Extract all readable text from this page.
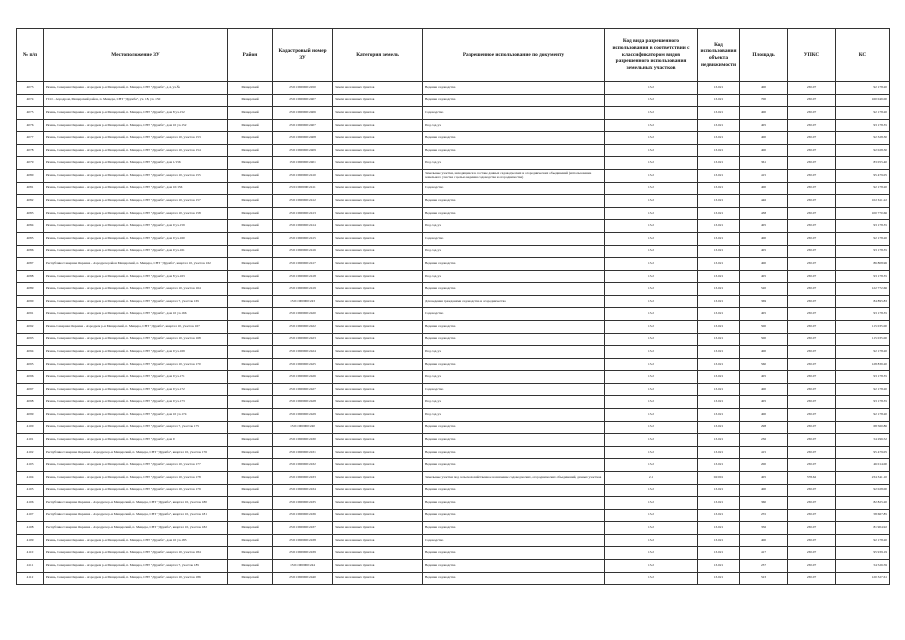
№ п/п	Местоположение ЗУ	Район	Кадастровый номер ЗУ	Категория земель	Разрешенное использование по документу	Код вида разрешенного использования в соответствии с классификатором видов разрешенного использования земельных участков	Код использования объекта недвижимости	Площадь	УПКС	КС
4073	Рязань, Северная Окраина - Аэродром р-н Мещерский, п. Мещера, СНТ "Дружба", д.4, уч.№	Мещерский	25:01:000000:2450	Земли населенных пунктов	Ведение садоводства	13.2	13.021	400	230.07	92 178.20
4074	ГСО - Аэродром, Мещерский район, п. Мещера, СНТ "Дружба", уч. 18, уч. 150	Мещерский	25:01:000000:2407	Земли населенных пунктов	Ведение садоводства	13.2	13.021	700	230.07	160 049.00
4075	Рязань, Северная Окраина - Аэродром р-н Мещерский, п. Мещера, СНТ "Дружба", дом 8 уч.152	Мещерский	25:01:000000:2406	Земли населенных пунктов	Садоводство	13.2	13.021	400	230.07	92 178.20
4076	Рязань, Северная Окраина - Аэродром р-н Мещерский, п. Мещера, СНТ "Дружба", дом 10 уч.152	Мещерский	25:01:000000:2407	Земли населенных пунктов	Под сад-уч	13.2	13.021	405	230.07	93 178.35
4077	Рязань, Северная Окраина - Аэродром р-н Мещерский, п. Мещера, СНТ "Дружба", квартал 10, участок 153	Мещерский	25:01:000000:2408	Земли населенных пунктов	Ведение садоводства	13.2	13.021	400	230.07	92 328.30
4078	Рязань, Северная Окраина - Аэродром р-н Мещерский, п. Мещера, СНТ "Дружба", квартал 10, участок 154	Мещерский	25:01:000000:2409	Земли населенных пунктов	Ведение садоводства	13.2	13.021	400	230.07	92 028.30
4079	Рязань, Северная Окраина - Аэродром р-н Мещерский, п. Мещера, СНТ "Дружба", дом 1/156	Мещерский	15:01:000000:2401	Земли населенных пунктов	Под сад-уч	13.2	13.021	361	230.07	83 055.40
4080	Рязань, Северная Окраина - Аэродром р-н Мещерский, п. Мещера, СНТ "Дружба", квартал 10, участок 155	Мещерский	25:01:000000:2410	Земли населенных пунктов	Земельные участки, находящиеся в составе данных садоводческих и огороднических объединений (использование земельного участка с целью ведения садоводства и огородничества)	13.2	13.021	415	230.07	95 479.05
4081	Рязань, Северная Окраина - Аэродром р-н Мещерский, п. Мещера, СНТ "Дружба", дом 10/156	Мещерский	25:01:000000:2411	Земли населенных пунктов	Садоводство	13.2	13.021	400	230.07	92 178.20
4082	Рязань, Северная Окраина - Аэродром р-н Мещерский, п. Мещера, СНТ "Дружба", квартал 10, участок 157	Мещерский	25:01:000000:2412	Земли населенных пунктов	Ведение садоводства	13.2	13.021	446	230.07	102 611.22
4083	Рязань, Северная Окраина - Аэродром р-н Мещерский, п. Мещера, СНТ "Дружба", квартал 10, участок 158	Мещерский	25:01:000000:2413	Земли населенных пунктов	Ведение садоводства	13.2	13.021	438	230.07	100 770.66
4084	Рязань, Северная Окраина - Аэродром р-н Мещерский, п. Мещера, СНТ "Дружба", дом 9 уч.159	Мещерский	25:01:000000:2414	Земли населенных пунктов	Под сад-уч	13.2	13.021	405	230.07	93 178.35
4085	Рязань, Северная Окраина - Аэродром р-н Мещерский, п. Мещера, СНТ "Дружба", дом 9 уч.160	Мещерский	25:01:000000:2415	Земли населенных пунктов	Садоводство	13.2	13.021	400	230.07	92 178.20
4086	Рязань, Северная Окраина - Аэродром р-н Мещерский, п. Мещера, СНТ "Дружба", дом 9 уч.161	Мещерский	25:01:000000:2416	Земли населенных пунктов	Под сад-уч	13.2	13.021	405	230.07	93 178.35
4087	Республика Северная Окраина - Аэродром район Мещерский, п. Мещера, СНТ "Дружба", квартал 10, участок 162	Мещерский	25:01:000000:2417	Земли населенных пунктов	Ведение садоводства	13.2	13.021	400	230.07	86 808.96
4088	Рязань, Северная Окраина - Аэродром р-н Мещерский, п. Мещера, СНТ "Дружба", дом 8 уч.163	Мещерский	25:01:000000:2418	Земли населенных пунктов	Под сад-уч	13.2	13.021	405	230.07	93 178.35
4089	Рязань, Северная Окраина - Аэродром р-н Мещерский, п. Мещера, СНТ "Дружба", квартал 10, участок 164	Мещерский	25:01:000000:2419	Земли населенных пунктов	Ведение садоводства	13.2	13.021	520	230.07	122 772.66
4090	Рязань, Северная Окраина - Аэродром р-н Мещерский, п. Мещера, СНТ "Дружба", квартал 7, участок 165	Мещерский	15:01:000000:243	Земли населенных пунктов	Для ведения гражданами садоводства и огородничества	13.2	13.021	369	230.07	84 895.83
4091	Рязань, Северная Окраина - Аэродром р-н Мещерский, п. Мещера, СНТ "Дружба", дом 10 уч.166	Мещерский	25:01:000000:2420	Земли населенных пунктов	Садоводство	13.2	13.021	405	230.07	93 178.35
4092	Рязань Северная Окраина - Аэродром р-н Мещерский, п. Мещера, СНТ "Дружба", квартал 10, участок 167	Мещерский	25:01:000000:2422	Земли населенных пунктов	Ведение садоводства	13.2	13.021	500	230.07	115 035.00
4093	Рязань, Северная Окраина - Аэродром р-н Мещерский, п. Мещера, СНТ "Дружба", квартал 10, участок 168	Мещерский	25:01:000000:2423	Земли населенных пунктов	Ведение садоводства	13.2	13.021	500	230.07	115 035.00
4094	Рязань, Северная Окраина - Аэродром р-н Мещерский, п. Мещера, СНТ "Дружба", дом 9 уч.169	Мещерский	25:01:000000:2424	Земли населенных пунктов	Под сад-уч	13.2	13.021	400	230.07	92 178.20
4095	Рязань, Северная Окраина - Аэродром р-н Мещерский, п. Мещера, СНТ "Дружба", квартал 10, участок 170	Мещерский	25:01:000000:2425	Земли населенных пунктов	Ведение садоводства	13.2	13.021	560	230.07	128 839.20
4096	Рязань, Северная Окраина - Аэродром р-н Мещерский, п. Мещера, СНТ "Дружба", дом 9 уч.171	Мещерский	25:01:000000:2426	Земли населенных пунктов	Под сад-уч	13.2	13.021	405	230.07	93 178.35
4097	Рязань, Северная Окраина - Аэродром р-н Мещерский, п. Мещера, СНТ "Дружба", дом 9 уч.172	Мещерский	25:01:000000:2427	Земли населенных пунктов	Садоводство	13.2	13.021	400	230.07	92 178.20
4098	Рязань, Северная Окраина - Аэродром р-н Мещерский, п. Мещера, СНТ "Дружба", дом 9 уч.173	Мещерский	25:01:000000:2428	Земли населенных пунктов	Под сад-уч	13.2	13.021	405	230.07	93 178.35
4099	Рязань, Северная Окраина - Аэродром р-н Мещерский, п. Мещера, СНТ "Дружба", дом 10 уч.174	Мещерский	25:01:000000:2429	Земли населенных пунктов	Под сад-уч	13.2	13.021	400	230.07	92 178.20
4100	Рязань, Северная Окраина - Аэродром р-н Мещерский, п. Мещера, СНТ "Дружба", квартал 7, участок 175	Мещерский	15:01:000000:240	Земли населенных пунктов	Ведение садоводства	13.2	13.021	298	230.07	68 560.86
4101	Рязань, Северная Окраина - Аэродром р-н Мещерский, п. Мещера, СНТ "Дружба", дом 9	Мещерский	25:01:000000:2430	Земли населенных пунктов	Ведение садоводства	13.2	13.021	236	230.07	54 296.52
4102	Республика Северная Окраина - Аэродром р-н Мещерский, п. Мещера, СНТ "Дружба", квартал 10, участок 176	Мещерский	25:01:000000:2431	Земли населенных пунктов	Ведение садоводства	13.2	13.021	415	230.07	95 479.05
4103	Рязань, Северная Окраина - Аэродром р-н Мещерский, п. Мещера, СНТ "Дружба", квартал 10, участок 177	Мещерский	25:01:000000:2432	Земли населенных пунктов	Ведение садоводства	13.2	13.021	200	230.07	46 014.00
4104	Рязань, Северная Окраина - Аэродром р-н Мещерский, п. Мещера, СНТ "Дружба", квартал 10, участок 178	Мещерский	25:01:000000:2433	Земли населенных пунктов	Земельные участки под сельскохозяйственное назначение садоводческих, огороднических объединений, дачных участков	2.1	02:001	405	578.62	234 341.10
4105	Рязань, Северная Окраина - Аэродром р-н Мещерский, п. Мещера, СНТ "Дружба", квартал 10, участок 179	Мещерский	25:01:000000:2434	Земли населенных пунктов	Ведение садоводства	13.2	13.021	400	230.07	92 028.00
4106	Республика Северная Окраина - Аэродром р-н Мещерский, п. Мещера, СНТ "Дружба", квартал 10, участок 180	Мещерский	25:01:000000:2435	Земли населенных пунктов	Ведение садоводства	13.2	13.021	360	230.07	82 825.20
4107	Республика Северная Окраина - Аэродром р-н Мещерский, п. Мещера, СНТ "Дружба", квартал 10, участок 181	Мещерский	25:01:000000:2436	Земли населенных пунктов	Ведение садоводства	13.2	13.021	255	230.07	58 667.85
4108	Республика Северная Окраина - Аэродром р-н Мещерский, п. Мещера, СНТ "Дружба", квартал 10, участок 182	Мещерский	25:01:000000:2437	Земли населенных пунктов	Ведение садоводства	13.2	13.021	356	230.07	81 904.92
4109	Рязань, Северная Окраина - Аэродром р-н Мещерский, п. Мещера, СНТ "Дружба", дом 10 уч.183	Мещерский	25:01:000000:2438	Земли населенных пунктов	Садоводство	13.2	13.021	400	230.07	92 178.20
4110	Рязань, Северная Окраина - Аэродром р-н Мещерский, п. Мещера, СНТ "Дружба", квартал 10, участок 184	Мещерский	25:01:000000:2439	Земли населенных пунктов	Ведение садоводства	13.2	13.021	417	230.07	95 939.19
4111	Рязань, Северная Окраина - Аэродром р-н Мещерский, п. Мещера, СНТ "Дружба", квартал 7, участок 185	Мещерский	15:01:000000:244	Земли населенных пунктов	Ведение садоводства	13.2	13.021	237	230.07	54 526.59
4112	Рязань, Северная Окраина - Аэродром р-н Мещерский, п. Мещера, СНТ "Дружба", квартал 10, участок 186	Мещерский	25:01:000000:2440	Земли населенных пунктов	Ведение садоводства	13.2	13.021	523	230.07	120 327.61
